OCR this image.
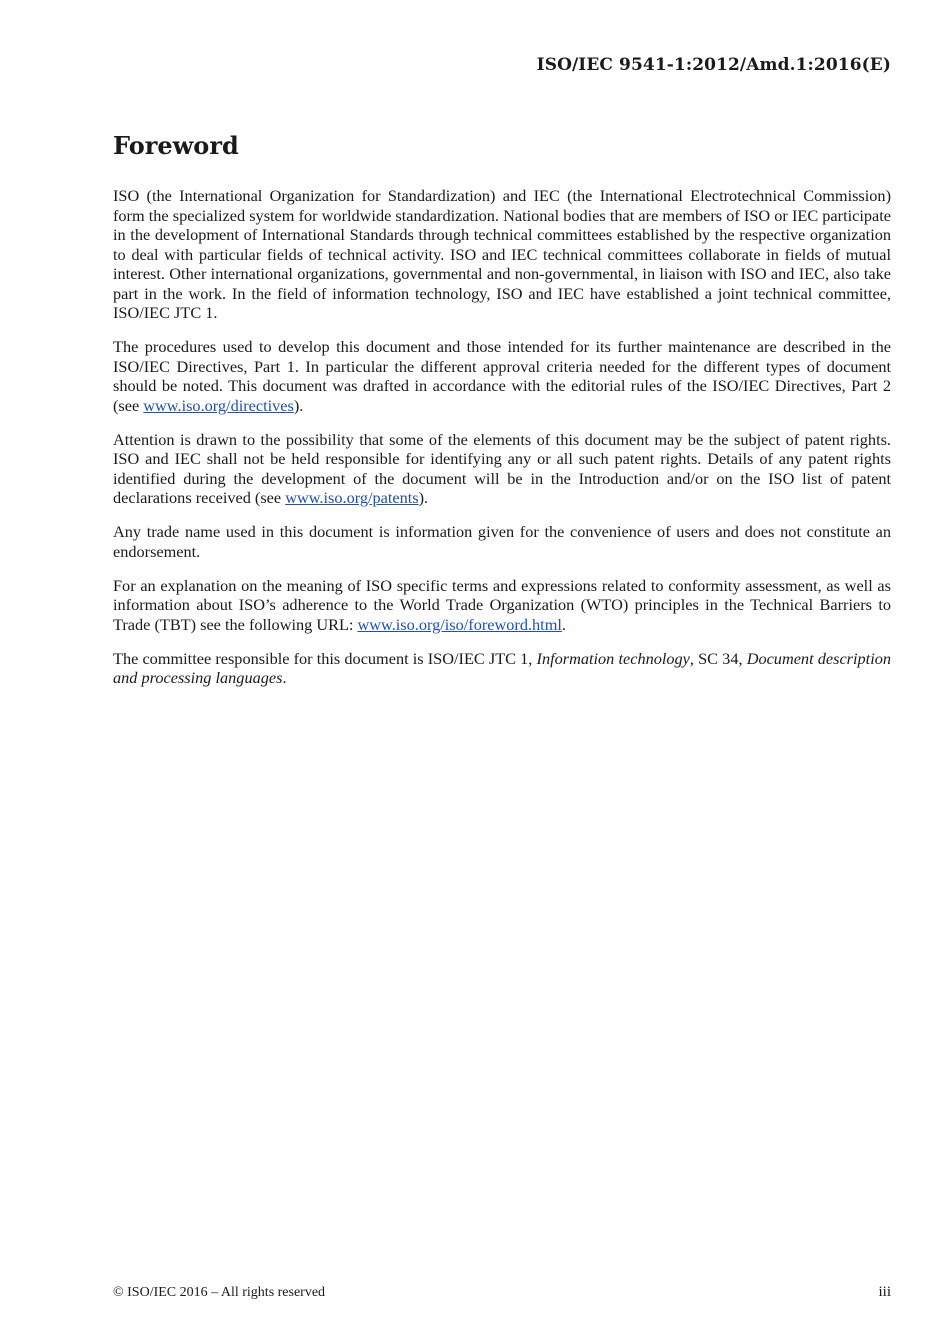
ISO/IEC 9541-1:2012/Amd.1:2016(E)
Foreword

ISO (the International Organization for Standardization) and IEC (the International Electrotechnical Commission) form the specialized system for worldwide standardization. National bodies that are members of ISO or IEC participate in the development of International Standards through technical committees established by the respective organization to deal with particular fields of technical activity. ISO and IEC technical committees collaborate in fields of mutual interest. Other international organizations, governmental and non-governmental, in liaison with ISO and IEC, also take part in the work. In the field of information technology, ISO and IEC have established a joint technical committee, ISO/IEC JTC 1.

The procedures used to develop this document and those intended for its further maintenance are described in the ISO/IEC Directives, Part 1. In particular the different approval criteria needed for the different types of document should be noted. This document was drafted in accordance with the editorial rules of the ISO/IEC Directives, Part 2 (see www.iso.org/directives).

Attention is drawn to the possibility that some of the elements of this document may be the subject of patent rights. ISO and IEC shall not be held responsible for identifying any or all such patent rights. Details of any patent rights identified during the development of the document will be in the Introduction and/or on the ISO list of patent declarations received (see www.iso.org/patents).

Any trade name used in this document is information given for the convenience of users and does not constitute an endorsement.

For an explanation on the meaning of ISO specific terms and expressions related to conformity assessment, as well as information about ISO’s adherence to the World Trade Organization (WTO) principles in the Technical Barriers to Trade (TBT) see the following URL: www.iso.org/iso/foreword.html.

The committee responsible for this document is ISO/IEC JTC 1, Information technology, SC 34, Document description and processing languages.

© ISO/IEC 2016 – All rights reserved	iii
